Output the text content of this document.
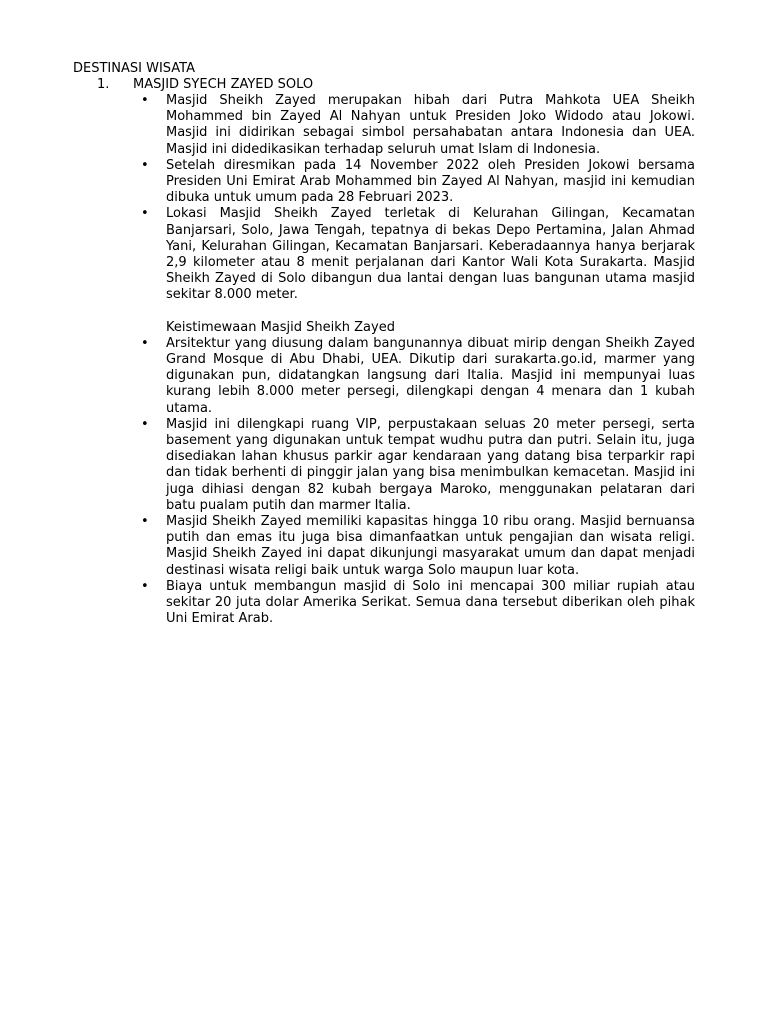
DESTINASI WISATA
1. MASJID SYECH ZAYED SOLO
• Masjid Sheikh Zayed merupakan hibah dari Putra Mahkota UEA Sheikh Mohammed bin Zayed Al Nahyan untuk Presiden Joko Widodo atau Jokowi. Masjid ini didirikan sebagai simbol persahabatan antara Indonesia dan UEA. Masjid ini didedikasikan terhadap seluruh umat Islam di Indonesia.
• Setelah diresmikan pada 14 November 2022 oleh Presiden Jokowi bersama Presiden Uni Emirat Arab Mohammed bin Zayed Al Nahyan, masjid ini kemudian dibuka untuk umum pada 28 Februari 2023.
• Lokasi Masjid Sheikh Zayed terletak di Kelurahan Gilingan, Kecamatan Banjarsari, Solo, Jawa Tengah, tepatnya di bekas Depo Pertamina, Jalan Ahmad Yani, Kelurahan Gilingan, Kecamatan Banjarsari. Keberadaannya hanya berjarak 2,9 kilometer atau 8 menit perjalanan dari Kantor Wali Kota Surakarta. Masjid Sheikh Zayed di Solo dibangun dua lantai dengan luas bangunan utama masjid sekitar 8.000 meter.
Keistimewaan Masjid Sheikh Zayed
• Arsitektur yang diusung dalam bangunannya dibuat mirip dengan Sheikh Zayed Grand Mosque di Abu Dhabi, UEA. Dikutip dari surakarta.go.id, marmer yang digunakan pun, didatangkan langsung dari Italia. Masjid ini mempunyai luas kurang lebih 8.000 meter persegi, dilengkapi dengan 4 menara dan 1 kubah utama.
• Masjid ini dilengkapi ruang VIP, perpustakaan seluas 20 meter persegi, serta basement yang digunakan untuk tempat wudhu putra dan putri. Selain itu, juga disediakan lahan khusus parkir agar kendaraan yang datang bisa terparkir rapi dan tidak berhenti di pinggir jalan yang bisa menimbulkan kemacetan. Masjid ini juga dihiasi dengan 82 kubah bergaya Maroko, menggunakan pelataran dari batu pualam putih dan marmer Italia.
• Masjid Sheikh Zayed memiliki kapasitas hingga 10 ribu orang. Masjid bernuansa putih dan emas itu juga bisa dimanfaatkan untuk pengajian dan wisata religi. Masjid Sheikh Zayed ini dapat dikunjungi masyarakat umum dan dapat menjadi destinasi wisata religi baik untuk warga Solo maupun luar kota.
• Biaya untuk membangun masjid di Solo ini mencapai 300 miliar rupiah atau sekitar 20 juta dolar Amerika Serikat. Semua dana tersebut diberikan oleh pihak Uni Emirat Arab.
